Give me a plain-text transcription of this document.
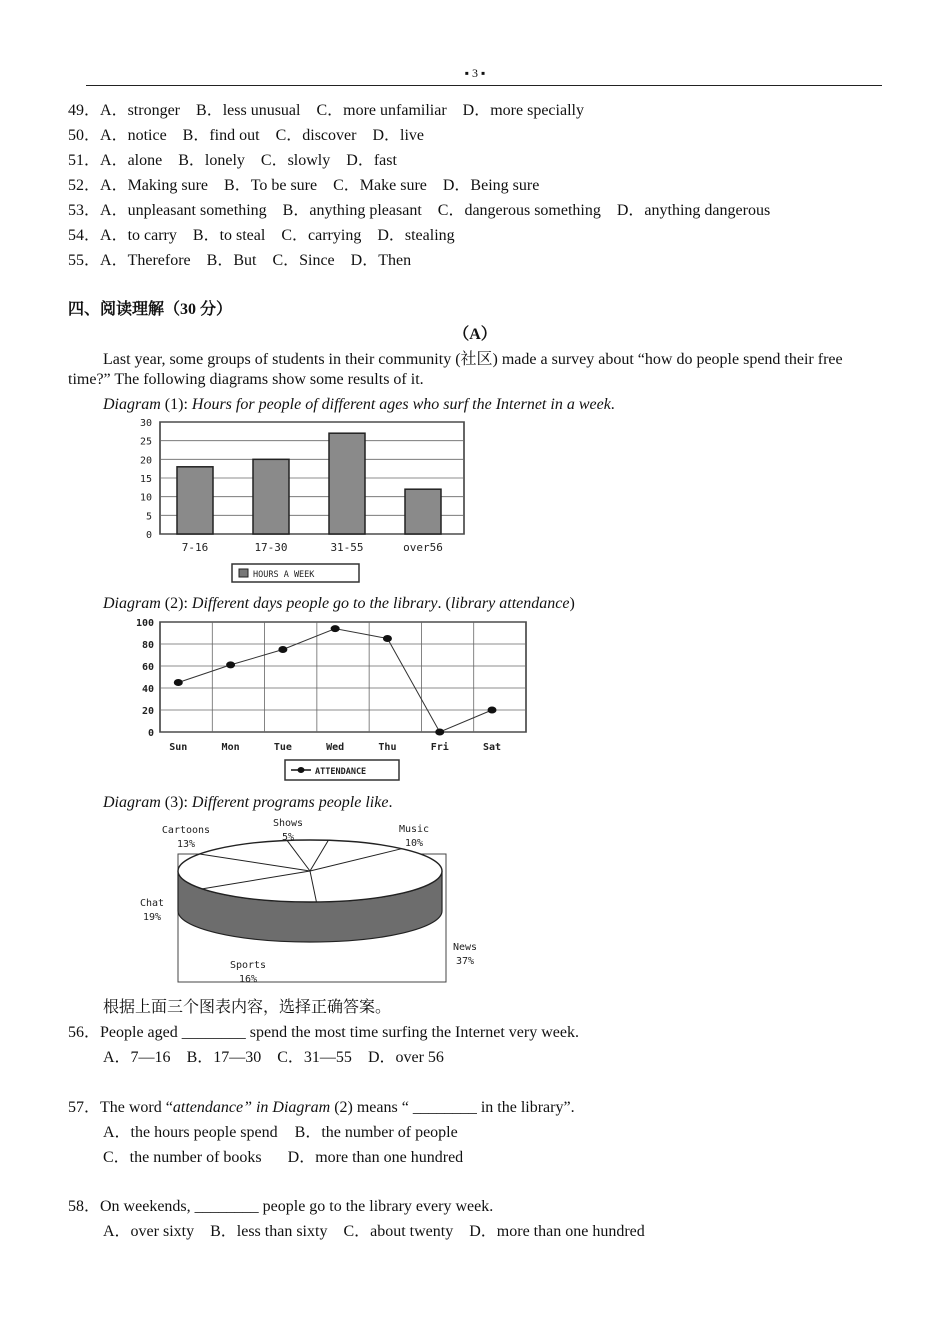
▪ 3 ▪
49．A．stronger B．less unusual C．more unfamiliar D．more specially
50．A．notice B．find out C．discover D．live
51．A．alone B．lonely C．slowly D．fast
52．A．Making sure B．To be sure C．Make sure D．Being sure
53．A．unpleasant something B．anything pleasant C．dangerous something D．anything dangerous
54．A．to carry B．to steal C．carrying D．stealing
55．A．Therefore B．But C．Since D．Then
四、阅读理解（30 分）
（A）
Last year, some groups of students in their community (社区) made a survey about “how do people spend their free
time?” The following diagrams show some results of it.
Diagram (1): Hours for people of different ages who surf the Internet in a week.
30
25
20
15
10
5
0
7-16	17-30	31-55	over56
HOURS A WEEK
Diagram (2): Different days people go to the library. (library attendance)
100
80
60
40
20
0
Sun	Mon	Tue	Wed	Thu	Fri	Sat
ATTENDANCE
Diagram (3): Different programs people like.
Shows
5%
Music
10%
News
37%
Sports
16%
Chat
19%
Cartoons
13%
根据上面三个图表内容，选择正确答案。
56．People aged ________ spend the most time surfing the Internet very week.
A．7—16 B．17—30 C．31—55 D．over 56
57．The word “attendance” in Diagram (2) means “ ________ in the library”.
A．the hours people spend B．the number of people
C．the number of books D．more than one hundred
58．On weekends, ________ people go to the library every week.
A．over sixty B．less than sixty C．about twenty D．more than one hundred
